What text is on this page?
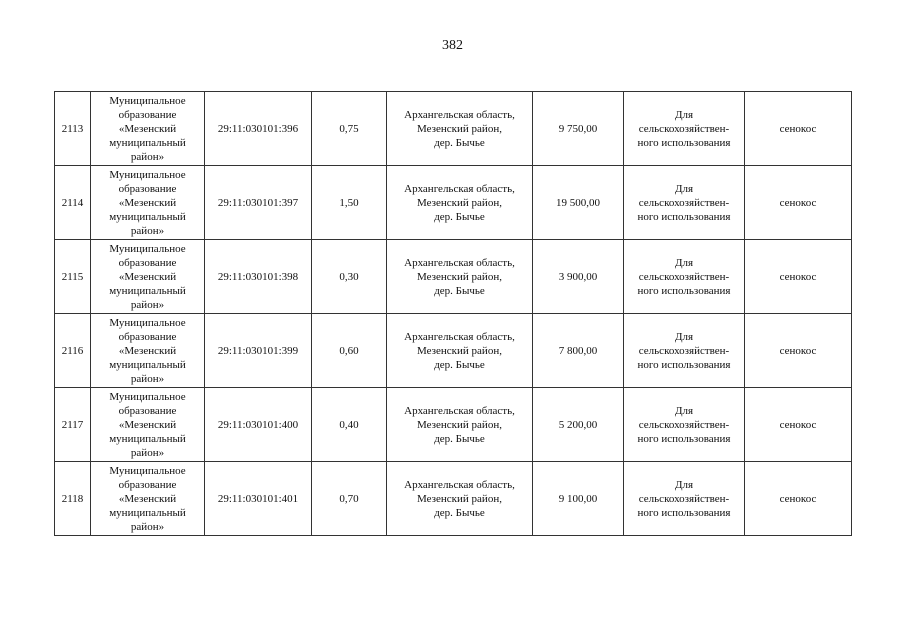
382
2113	Муниципальное
образование
«Мезенский
муниципальный
район»	29:11:030101:396	0,75	Архангельская область,
Мезенский район,
дер. Бычье	9 750,00	Для
сельскохозяйствен-
ного использования	сенокос
2114	Муниципальное
образование
«Мезенский
муниципальный
район»	29:11:030101:397	1,50	Архангельская область,
Мезенский район,
дер. Бычье	19 500,00	Для
сельскохозяйствен-
ного использования	сенокос
2115	Муниципальное
образование
«Мезенский
муниципальный
район»	29:11:030101:398	0,30	Архангельская область,
Мезенский район,
дер. Бычье	3 900,00	Для
сельскохозяйствен-
ного использования	сенокос
2116	Муниципальное
образование
«Мезенский
муниципальный
район»	29:11:030101:399	0,60	Архангельская область,
Мезенский район,
дер. Бычье	7 800,00	Для
сельскохозяйствен-
ного использования	сенокос
2117	Муниципальное
образование
«Мезенский
муниципальный
район»	29:11:030101:400	0,40	Архангельская область,
Мезенский район,
дер. Бычье	5 200,00	Для
сельскохозяйствен-
ного использования	сенокос
2118	Муниципальное
образование
«Мезенский
муниципальный
район»	29:11:030101:401	0,70	Архангельская область,
Мезенский район,
дер. Бычье	9 100,00	Для
сельскохозяйствен-
ного использования	сенокос
